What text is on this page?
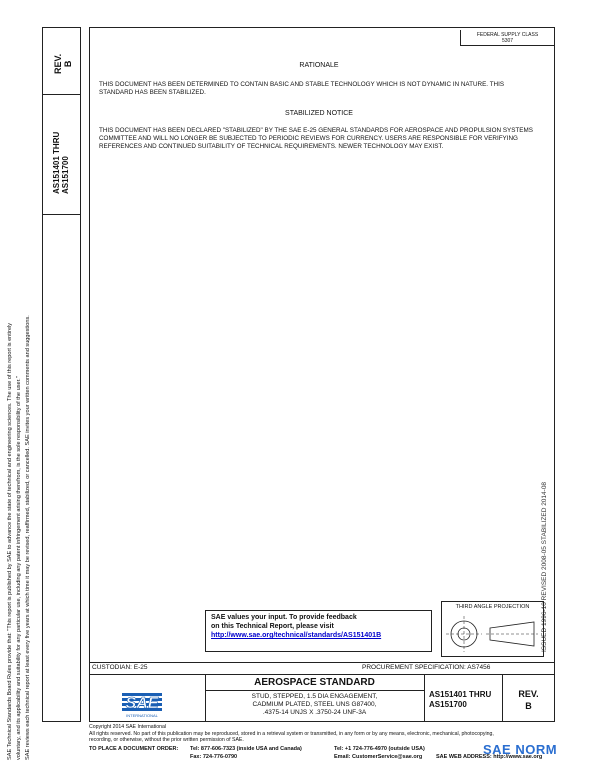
REV. B
AS151401 THRU AS151700
SAE Technical Standards Board Rules provide that: "This report is published by SAE to advance the state of technical and engineering sciences. The use of this report is entirely voluntary, and its applicability and suitability for any particular use, including any patent infringement arising therefrom, is the sole responsibility of the user." SAE reviews each technical report at least every five years at which time it may be revised, reaffirmed, stabilized, or cancelled. SAE invites your written comments and suggestions.
FEDERAL SUPPLY CLASS
5307
RATIONALE
THIS DOCUMENT HAS BEEN DETERMINED TO CONTAIN BASIC AND STABLE TECHNOLOGY WHICH IS NOT DYNAMIC IN NATURE. THIS STANDARD HAS BEEN STABILIZED.
STABILIZED NOTICE
THIS DOCUMENT HAS BEEN DECLARED "STABILIZED" BY THE SAE E-25 GENERAL STANDARDS FOR AEROSPACE AND PROPULSION SYSTEMS COMMITTEE AND WILL NO LONGER BE SUBJECTED TO PERIODIC REVIEWS FOR CURRENCY. USERS ARE RESPONSIBLE FOR VERIFYING REFERENCES AND CONTINUED SUITABILITY OF TECHNICAL REQUIREMENTS. NEWER TECHNOLOGY MAY EXIST.
ISSUED 1996-10 REVISED 2008-05 STABILIZED 2014-08
SAE values your input. To provide feedback
on this Technical Report, please visit
http://www.sae.org/technical/standards/AS151401B
THIRD ANGLE PROJECTION
CUSTODIAN: E-25	PROCUREMENT SPECIFICATION: AS7456
SAE
INTERNATIONAL
AEROSPACE STANDARD
STUD, STEPPED, 1.5 DIA ENGAGEMENT,
CADMIUM PLATED, STEEL UNS G87400,
.4375-14 UNJS X .3750-24 UNF-3A
AS151401 THRU
AS151700
REV.
B
Copyright 2014 SAE International
All rights reserved. No part of this publication may be reproduced, stored in a retrieval system or transmitted, in any form or by any means, electronic, mechanical, photocopying,
recording, or otherwise, without the prior written permission of SAE.
TO PLACE A DOCUMENT ORDER: Tel: 877-606-7323 (inside USA and Canada)
Fax: 724-776-0790
Tel: +1 724-776-4970 (outside USA)
Email: CustomerService@sae.org	SAE WEB ADDRESS: http://www.sae.org
SAE NORM
